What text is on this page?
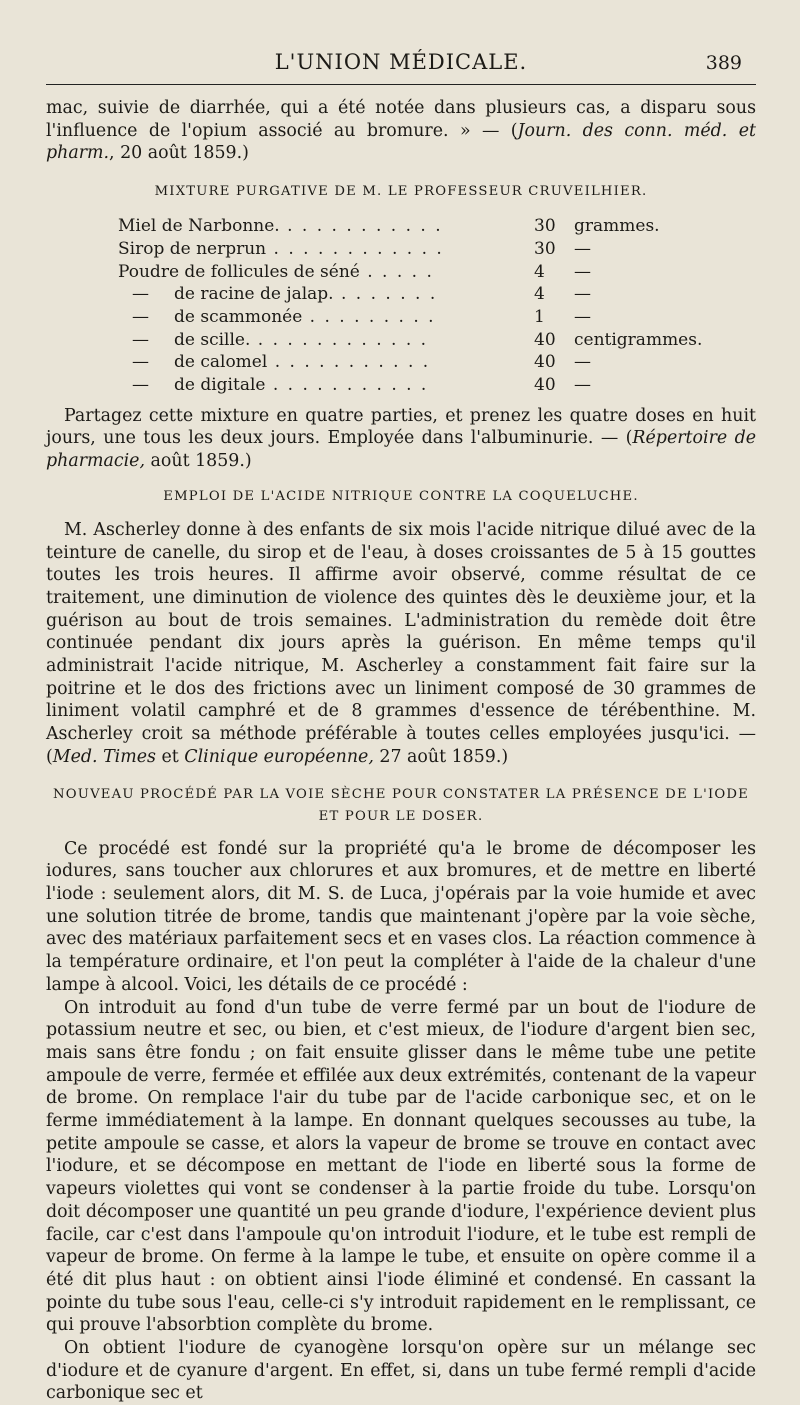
L'UNION MÉDICALE.	389

mac, suivie de diarrhée, qui a été notée dans plusieurs cas, a disparu sous l'influence de l'opium associé au bromure. » — (Journ. des conn. méd. et pharm., 20 août 1859.)

MIXTURE PURGATIVE DE M. LE PROFESSEUR CRUVEILHIER.
Miel de Narbonne. . . . . . . . . . . .	30	grammes.
Sirop de nerprun . . . . . . . . . . . .	30	—
Poudre de follicules de séné . . . . .	4	—
— de racine de jalap. . . . . . . .	4	—
— de scammonée . . . . . . . . .	1	—
— de scille. . . . . . . . . . . . .	40	centigrammes.
— de calomel . . . . . . . . . . .	40	—
— de digitale . . . . . . . . . . .	40	—

Partagez cette mixture en quatre parties, et prenez les quatre doses en huit jours, une tous les deux jours. Employée dans l'albuminurie. — (Répertoire de pharmacie, août 1859.)

EMPLOI DE L'ACIDE NITRIQUE CONTRE LA COQUELUCHE.

M. Ascherley donne à des enfants de six mois l'acide nitrique dilué avec de la teinture de canelle, du sirop et de l'eau, à doses croissantes de 5 à 15 gouttes toutes les trois heures. Il affirme avoir observé, comme résultat de ce traitement, une diminution de violence des quintes dès le deuxième jour, et la guérison au bout de trois semaines. L'administration du remède doit être continuée pendant dix jours après la guérison. En même temps qu'il administrait l'acide nitrique, M. Ascherley a constamment fait faire sur la poitrine et le dos des frictions avec un liniment composé de 30 grammes de liniment volatil camphré et de 8 grammes d'essence de térébenthine. M. Ascherley croit sa méthode préférable à toutes celles employées jusqu'ici. — (Med. Times et Clinique européenne, 27 août 1859.)

NOUVEAU PROCÉDÉ PAR LA VOIE SÈCHE POUR CONSTATER LA PRÉSENCE DE L'IODE
ET POUR LE DOSER.

Ce procédé est fondé sur la propriété qu'a le brome de décomposer les iodures, sans toucher aux chlorures et aux bromures, et de mettre en liberté l'iode : seulement alors, dit M. S. de Luca, j'opérais par la voie humide et avec une solution titrée de brome, tandis que maintenant j'opère par la voie sèche, avec des matériaux parfaitement secs et en vases clos. La réaction commence à la température ordinaire, et l'on peut la compléter à l'aide de la chaleur d'une lampe à alcool. Voici, les détails de ce procédé :

On introduit au fond d'un tube de verre fermé par un bout de l'iodure de potassium neutre et sec, ou bien, et c'est mieux, de l'iodure d'argent bien sec, mais sans être fondu ; on fait ensuite glisser dans le même tube une petite ampoule de verre, fermée et effilée aux deux extrémités, contenant de la vapeur de brome. On remplace l'air du tube par de l'acide carbonique sec, et on le ferme immédiatement à la lampe. En donnant quelques secousses au tube, la petite ampoule se casse, et alors la vapeur de brome se trouve en contact avec l'iodure, et se décompose en mettant de l'iode en liberté sous la forme de vapeurs violettes qui vont se condenser à la partie froide du tube. Lorsqu'on doit décomposer une quantité un peu grande d'iodure, l'expérience devient plus facile, car c'est dans l'ampoule qu'on introduit l'iodure, et le tube est rempli de vapeur de brome. On ferme à la lampe le tube, et ensuite on opère comme il a été dit plus haut : on obtient ainsi l'iode éliminé et condensé. En cassant la pointe du tube sous l'eau, celle-ci s'y introduit rapidement en le remplissant, ce qui prouve l'absorbtion complète du brome.

On obtient l'iodure de cyanogène lorsqu'on opère sur un mélange sec d'iodure et de cyanure d'argent. En effet, si, dans un tube fermé rempli d'acide carbonique sec et
